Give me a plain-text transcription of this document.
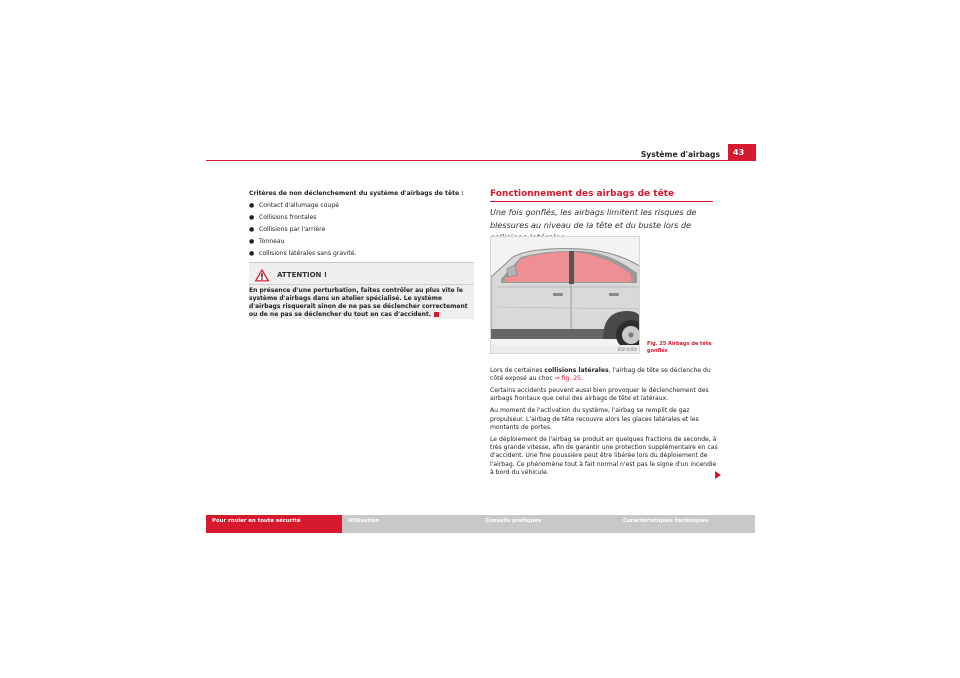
Système d'airbags	43
Critères de non déclenchement du système d'airbags de tête :
● Contact d'allumage coupé
● Collisions frontales
● Collisions par l'arrière
● Tonneau
● collisions latérales sans gravité.
ATTENTION !
En présence d'une perturbation, faites contrôler au plus vite le système d'airbags dans un atelier spécialisé. Le système d'airbags risquerait sinon de ne pas se déclencher correctement ou de ne pas se déclencher du tout en cas d'accident.
Fonctionnement des airbags de tête
Une fois gonflés, les airbags limitent les risques de blessures au niveau de la tête et du buste lors de
B5P-0406
Fig. 25 Airbags de tête gonflés

Lors de certaines collisions latérales, l'airbag de tête se déclenche du côté exposé au choc ⇒ fig. 25.

Certains accidents peuvent aussi bien provoquer le déclenchement des airbags frontaux que celui des airbags de tête et latéraux.

Au moment de l'activation du système, l'airbag se remplit de gaz propulseur. L'airbag de tête recouvre alors les glaces latérales et les montants de portes.

Le déploiement de l'airbag se produit en quelques fractions de seconde, à très grande vitesse, afin de garantir une protection supplémentaire en cas d'accident. Une fine poussière peut être libérée lors du déploiement de l'airbag. Ce phénomène tout à fait normal n'est pas le signe d'un incendie à bord du véhicule.

Pour rouler en toute sécurité	Utilisation	Conseils pratiques	Caractéristiques techniques
